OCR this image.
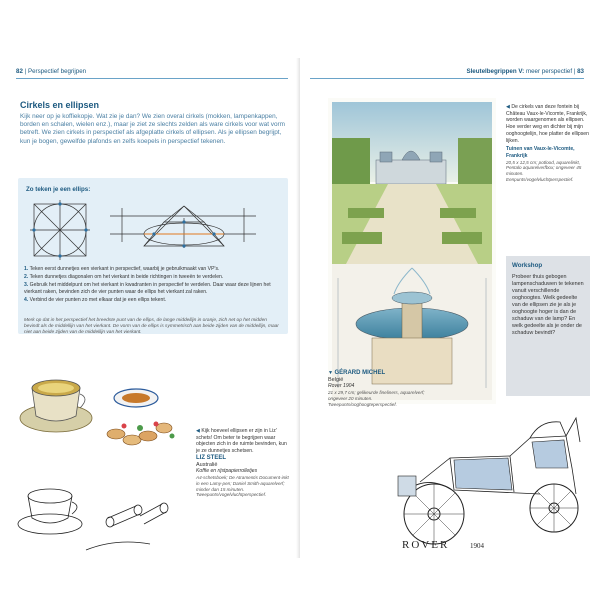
82 | Perspectief begrijpen
Cirkels en ellipsen

Kijk neer op je koffiekopje. Wat zie je dan? We zien overal cirkels (mokken, lampenkappen, borden en schalen, wielen enz.), maar je ziet ze slechts zelden als ware cirkels voor wat vorm betreft. We zien cirkels in perspectief als afgeplatte cirkels of ellipsen. Als je ellipsen begrijpt, kun je bogen, gewelfde plafonds en zelfs koepels in perspectief tekenen.

Zo teken je een ellips:
1. Teken eerst dunnetjes een vierkant in perspectief, waarbij je gebruikmaakt van VP's.
2. Teken dunnetjes diagonalen om het vierkant in beide richtingen in tweeën te verdelen.
3. Gebruik het middelpunt om het vierkant in kwadranten in perspectief te verdelen. Daar waar deze lijnen het vierkant raken, bevinden zich de vier punten waar de ellips het vierkant zal raken.
4. Verbind de vier punten zo met elkaar dat je een ellips tekent.
Merk op dat in het perspectief het breedste punt van de ellips, de lange middellijn in oranje, zich net op het midden bevindt als de middellijn van het vierkant. De vorm van de ellips is symmetrisch aan beide zijden van de middellijn, maar niet aan beide zijden van de middellijn van het vierkant.
◀ Kijk hoeveel ellipsen er zijn in Liz' schets! Om beter te begrijpen waar objecten zich in de ruimte bevinden, kun je ze dunnetjes schetsen.
LIZ STEEL
Australië
Koffie en rijstpapierrolletjes
A4-schetsboek; De Atramentis Document-inkt in een Lamy-pen; Daniel Smith-aquarelverf; minder dan 15 minuten. Tweepunts/vogelvluchtperspectief.
Sleutelbegrippen V: meer perspectief | 83
◀ De cirkels van deze fontein bij Château Vaux-le-Vicomte, Frankrijk, worden waargenomen als ellipsen. Hoe verder weg en dichter bij mijn ooghoogtelijn, hoe platter de ellipsen lijken.
Tuinen van Vaux-le-Vicomte, Frankrijk
20,5 x 12,5 cm; potlood, aquarelinkt, Pentalo aquarelverfbox; ongeveer 45 minuten. Eenpunts/vogelvluchtperspectief.
Workshop
Probeer thuis gebogen lampenschaduwen te tekenen vanuit verschillende ooghoogtes. Welk gedeelte van de ellipsen zie je als je ooghoogte hoger is dan de schaduw van de lamp? En welk gedeelte als je onder de schaduw bevindt?
▼ GÉRARD MICHEL
België
Rover 1904
21 x 29,7 cm; gelikeurde fineliners, aquarelverf; ongeveer 20 minuten. Tweepunts/ooghoogteperspectief.
ROVER	1904
